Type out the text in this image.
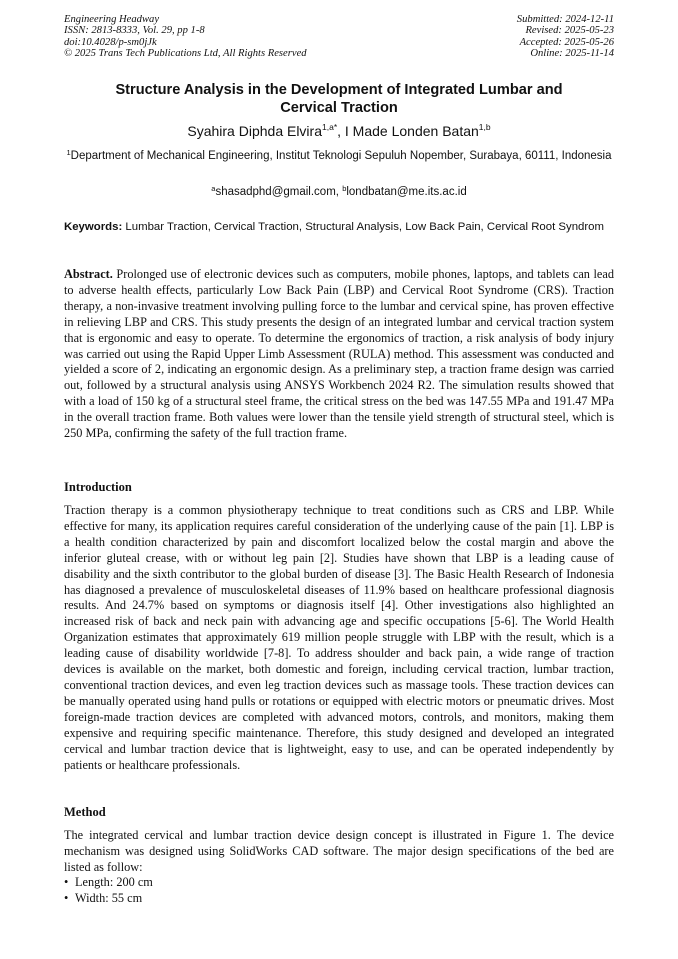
Engineering Headway
ISSN: 2813-8333, Vol. 29, pp 1-8
doi:10.4028/p-sm0jJk
© 2025 Trans Tech Publications Ltd, All Rights Reserved
Submitted: 2024-12-11
Revised: 2025-05-23
Accepted: 2025-05-26
Online: 2025-11-14
Structure Analysis in the Development of Integrated Lumbar and
Cervical Traction
Syahira Diphda Elvira$^{1,a*}$, I Made Londen Batan$^{1,b}$
$^1$Department of Mechanical Engineering, Institut Teknologi Sepuluh Nopember, Surabaya, 60111, Indonesia
$^a$shasadphd@gmail.com, $^b$londbatan@me.its.ac.id
Keywords: Lumbar Traction, Cervical Traction, Structural Analysis, Low Back Pain, Cervical Root Syndrom
Abstract. Prolonged use of electronic devices such as computers, mobile phones, laptops, and tablets can lead to adverse health effects, particularly Low Back Pain (LBP) and Cervical Root Syndrome (CRS). Traction therapy, a non-invasive treatment involving pulling force to the lumbar and cervical spine, has proven effective in relieving LBP and CRS. This study presents the design of an integrated lumbar and cervical traction system that is ergonomic and easy to operate. To determine the ergonomics of traction, a risk analysis of body injury was carried out using the Rapid Upper Limb Assessment (RULA) method. This assessment was conducted and yielded a score of 2, indicating an ergonomic design. As a preliminary step, a traction frame design was carried out, followed by a structural analysis using ANSYS Workbench 2024 R2. The simulation results showed that with a load of 150 kg of a structural steel frame, the critical stress on the bed was 147.55 MPa and 191.47 MPa in the overall traction frame. Both values were lower than the tensile yield strength of structural steel, which is 250 MPa, confirming the safety of the full traction frame.
Introduction
Traction therapy is a common physiotherapy technique to treat conditions such as CRS and LBP. While effective for many, its application requires careful consideration of the underlying cause of the pain [1]. LBP is a health condition characterized by pain and discomfort localized below the costal margin and above the inferior gluteal crease, with or without leg pain [2]. Studies have shown that LBP is a leading cause of disability and the sixth contributor to the global burden of disease [3]. The Basic Health Research of Indonesia has diagnosed a prevalence of musculoskeletal diseases of 11.9% based on healthcare professional diagnosis results. And 24.7% based on symptoms or diagnosis itself [4]. Other investigations also highlighted an increased risk of back and neck pain with advancing age and specific occupations [5-6]. The World Health Organization estimates that approximately 619 million people struggle with LBP with the result, which is a leading cause of disability worldwide [7-8]. To address shoulder and back pain, a wide range of traction devices is available on the market, both domestic and foreign, including cervical traction, lumbar traction, conventional traction devices, and even leg traction devices such as massage tools. These traction devices can be manually operated using hand pulls or rotations or equipped with electric motors or pneumatic drives. Most foreign-made traction devices are completed with advanced motors, controls, and monitors, making them expensive and requiring specific maintenance. Therefore, this study designed and developed an integrated cervical and lumbar traction device that is lightweight, easy to use, and can be operated independently by patients or healthcare professionals.
Method
The integrated cervical and lumbar traction device design concept is illustrated in Figure 1. The device mechanism was designed using SolidWorks CAD software. The major design specifications of the bed are listed as follow:
• Length: 200 cm
• Width: 55 cm
